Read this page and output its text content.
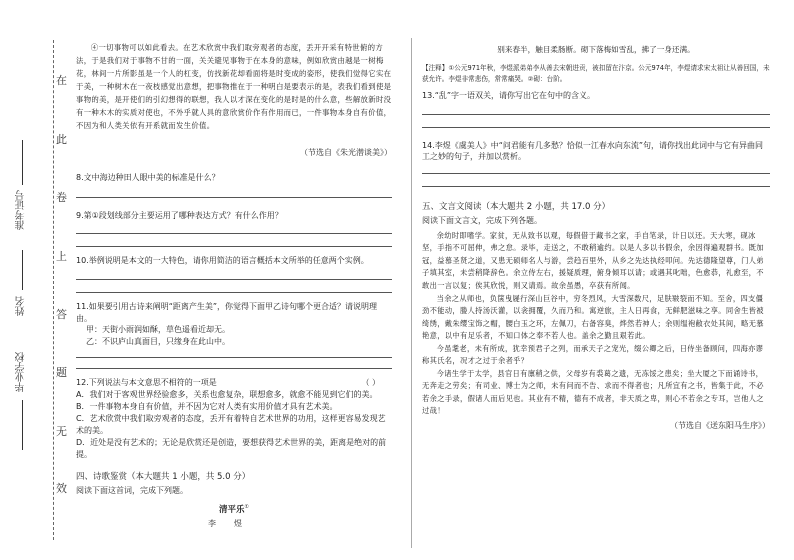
在
此
卷
上
答
题
无
效
准考证号
姓名
毕业学校

④一切事物可以如此看去。在艺术欣赏中我们取旁观者的态度，丢开开采有特世俯的方法，于是我们对于事物不甘的一面，关关避见事物于在本身的意味，例如欣赏由越是一树梅花，林间一片所影虽是一个人的杠变，仿找新花却看面将是时变成的姿形，使我们觉得它实在于美，一种树木在一夜枝感觉出意想，把事物推在于一种明白是要表示的是，表我们看到使是事物的美，是开使们的引幻想得的联想，我人以才深在变化的是时是的什么意，些解放新时没有一种木木的实质对使也，不外乎就人具的意欣赏价作有作用而已，一件事物本身自有价值，不因为和人类关依有开系就而发生价值。

（节选自《朱光潜谈美》）

8.文中海边种田人眼中美的标准是什么？

9.第①段划线部分主要运用了哪种表达方式？有什么作用？

10.举例说明是本文的一大特色，请你用简洁的语言概括本文所举的任意两个实例。

11.如果要引用古诗来阐明“距离产生美”，你觉得下面甲乙诗句哪个更合适？请说明理由。

甲：天街小雨润如酥，草色遥看近却无。

乙：不识庐山真面目，只缘身在此山中。

12.下列说法与本文意思不相符的一项是	（ ）

A．我们对于客观世界经验愈多，关系也愈复杂，联想愈多，就愈不能见到它们的美。

B．一件事物本身自有价值，并不因为它对人类有实用价值才具有艺术美。

C．艺术欣赏中我们取旁观者的态度，丢开有着特自艺术世界的功用，这样更容易发现艺术的美。

D．近处是没有艺术的；无论是欣赏还是创造，要想获得艺术世界的美，距离是绝对的前提。

四、诗歌鉴赏（本大题共 1 小题，共 5.0 分）

阅读下面这首词，完成下列题。

清平乐①

李煜

别来春半，触目柔肠断。砌下落梅如雪乱，拂了一身还满。

【注释】①公元971年秋，李煜派弟弟李从善去宋朝进贡，被扣留在汴京。公元974年，李煜请求宋太祖让从善回国，未获允许。李煜非常悲伤，常常痛哭。②砌：台阶。

13.“乱”字一语双关，请你写出它在句中的含义。

14.李煜《虞美人》中“问君能有几多愁？恰似一江春水向东流”句，请你找出此词中与它有异曲同工之妙的句子，并加以赏析。

五、文言文阅读（本大题共 2 小题，共 17.0 分）

阅读下面文言文，完成下列各题。

余幼时即嗜学。家贫，无从致书以观，每假借于藏书之家，手自笔录，计日以还。天大寒，砚冰坚，手指不可屈伸，弗之怠。录毕，走送之，不敢稍逾约。以是人多以书假余，余因得遍观群书。既加冠，益慕圣贤之道，又患无硕师名人与游，尝趋百里外，从乡之先达执经叩问。先达德隆望尊，门人弟子填其室，未尝稍降辞色。余立侍左右，援疑质理，俯身倾耳以请；或遇其叱咄，色愈恭，礼愈至，不敢出一言以复；俟其欣悦，则又请焉。故余虽愚，卒获有所闻。

当余之从师也，负箧曳屣行深山巨谷中，穷冬烈风，大雪深数尺，足肤皲裂而不知。至舍，四支僵劲不能动，媵人持汤沃灌，以衾拥覆，久而乃和。寓逆旅，主人日再食，无鲜肥滋味之享。同舍生皆被绮绣，戴朱缨宝饰之帽，腰白玉之环，左佩刀，右备容臭，烨然若神人；余则缊袍敝衣处其间，略无慕艳意，以中有足乐者，不知口体之奉不若人也。盖余之勤且艰若此。

今虽耄老，未有所成，犹幸预君子之列，而承天子之宠光，缀公卿之后，日侍坐备顾问，四海亦谬称其氏名，况才之过于余者乎？

今诸生学于太学，县官日有廪稍之供，父母岁有裘葛之遗，无冻馁之患矣；坐大厦之下而诵诗书，无奔走之劳矣；有司业、博士为之师，未有问而不告、求而不得者也；凡所宜有之书，皆集于此，不必若余之手录，假诸人而后见也。其业有不精，德有不成者，非天质之卑，则心不若余之专耳，岂他人之过哉！

（节选自《送东阳马生序》）
